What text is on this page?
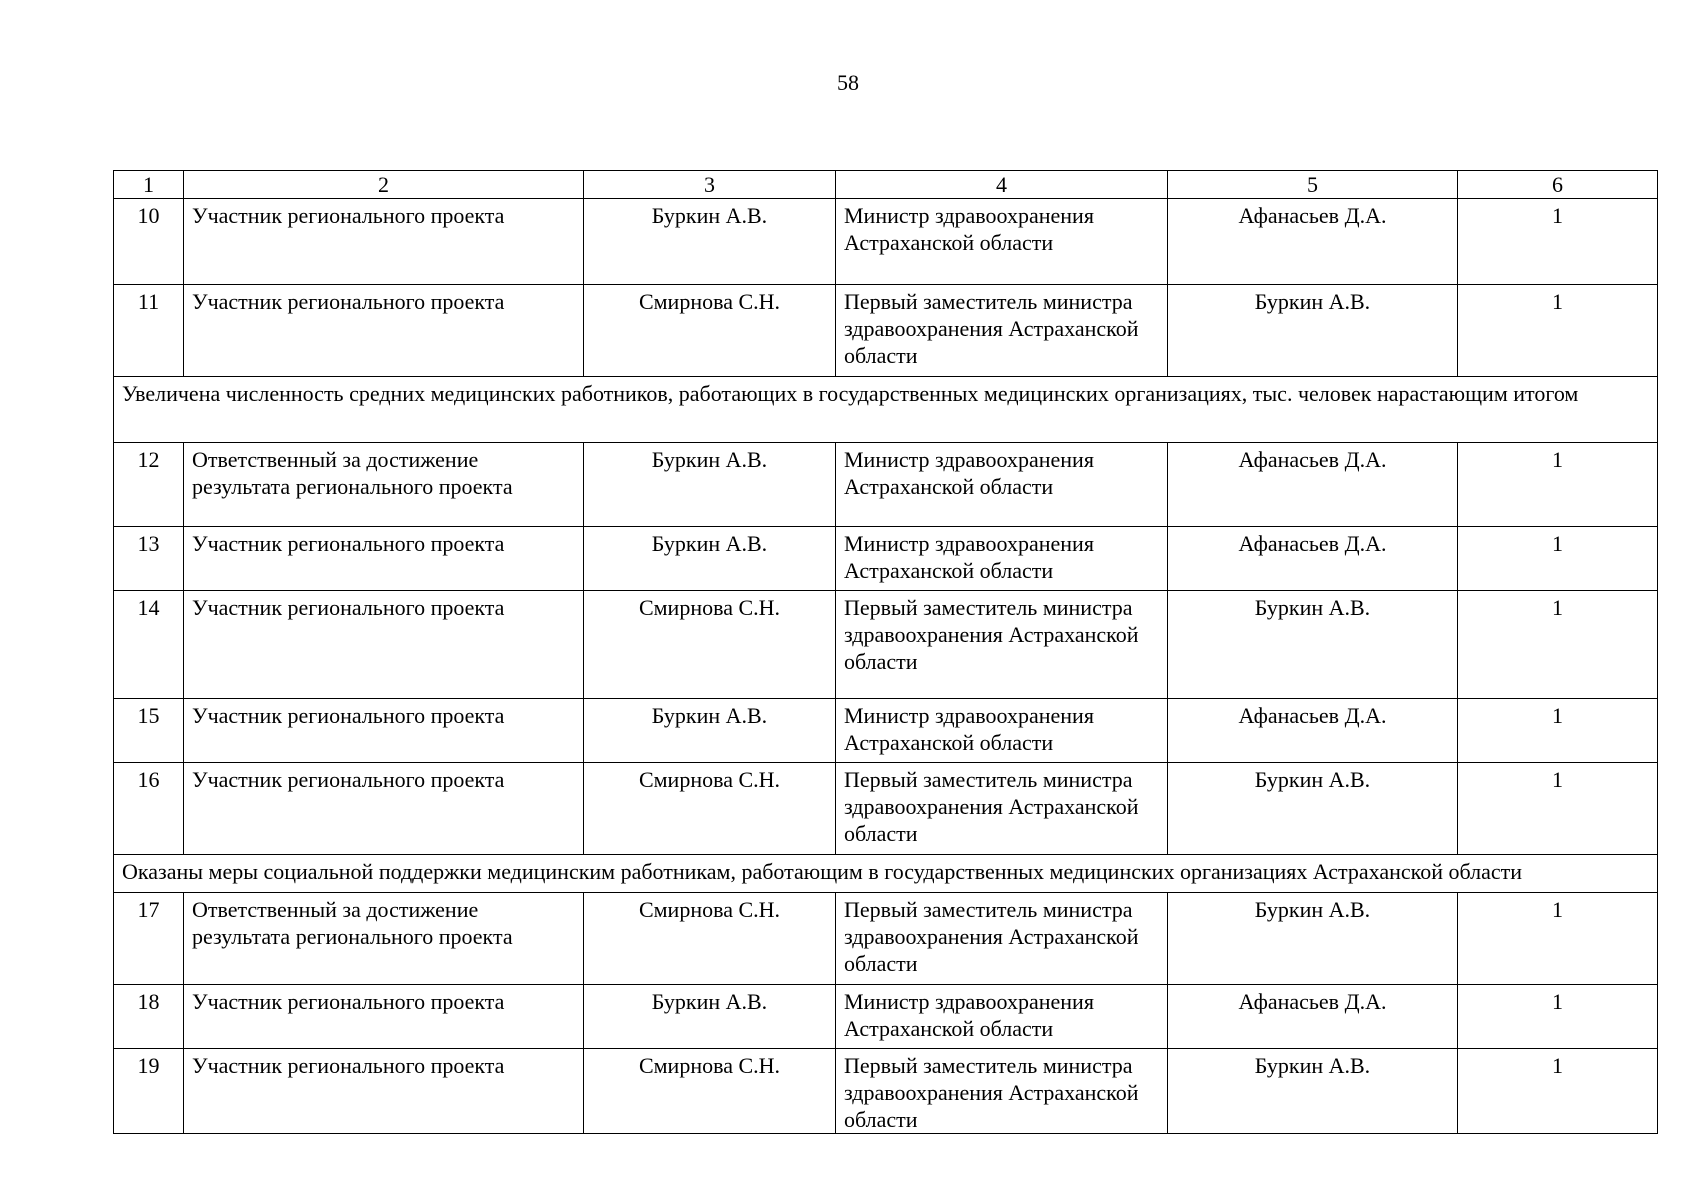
58
1	2	3	4	5	6
10	Участник регионального проекта	Буркин А.В.	Министр здравоохранения Астраханской области	Афанасьев Д.А.	1
11	Участник регионального проекта	Смирнова С.Н.	Первый заместитель министра здравоохранения Астраханской области	Буркин А.В.	1
Увеличена численность средних медицинских работников, работающих в государственных медицинских организациях, тыс. человек нарастающим итогом					
12	Ответственный за достижение результата регионального проекта	Буркин А.В.	Министр здравоохранения Астраханской области	Афанасьев Д.А.	1
13	Участник регионального проекта	Буркин А.В.	Министр здравоохранения Астраханской области	Афанасьев Д.А.	1
14	Участник регионального проекта	Смирнова С.Н.	Первый заместитель министра здравоохранения Астраханской области	Буркин А.В.	1
15	Участник регионального проекта	Буркин А.В.	Министр здравоохранения Астраханской области	Афанасьев Д.А.	1
16	Участник регионального проекта	Смирнова С.Н.	Первый заместитель министра здравоохранения Астраханской области	Буркин А.В.	1
Оказаны меры социальной поддержки медицинским работникам, работающим в государственных медицинских организациях Астраханской области					
17	Ответственный за достижение результата регионального проекта	Смирнова С.Н.	Первый заместитель министра здравоохранения Астраханской области	Буркин А.В.	1
18	Участник регионального проекта	Буркин А.В.	Министр здравоохранения Астраханской области	Афанасьев Д.А.	1
19	Участник регионального проекта	Смирнова С.Н.	Первый заместитель министра здравоохранения Астраханской области	Буркин А.В.	1
